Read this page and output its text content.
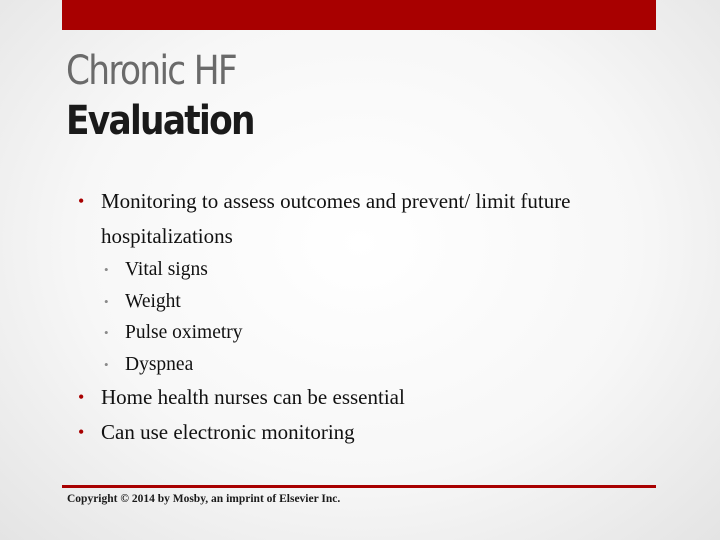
Chronic HF
Evaluation

• Monitoring to assess outcomes and prevent/ limit future hospitalizations

• Vital signs

• Weight

• Pulse oximetry

• Dyspnea

• Home health nurses can be essential

• Can use electronic monitoring

Copyright © 2014 by Mosby, an imprint of Elsevier Inc.
